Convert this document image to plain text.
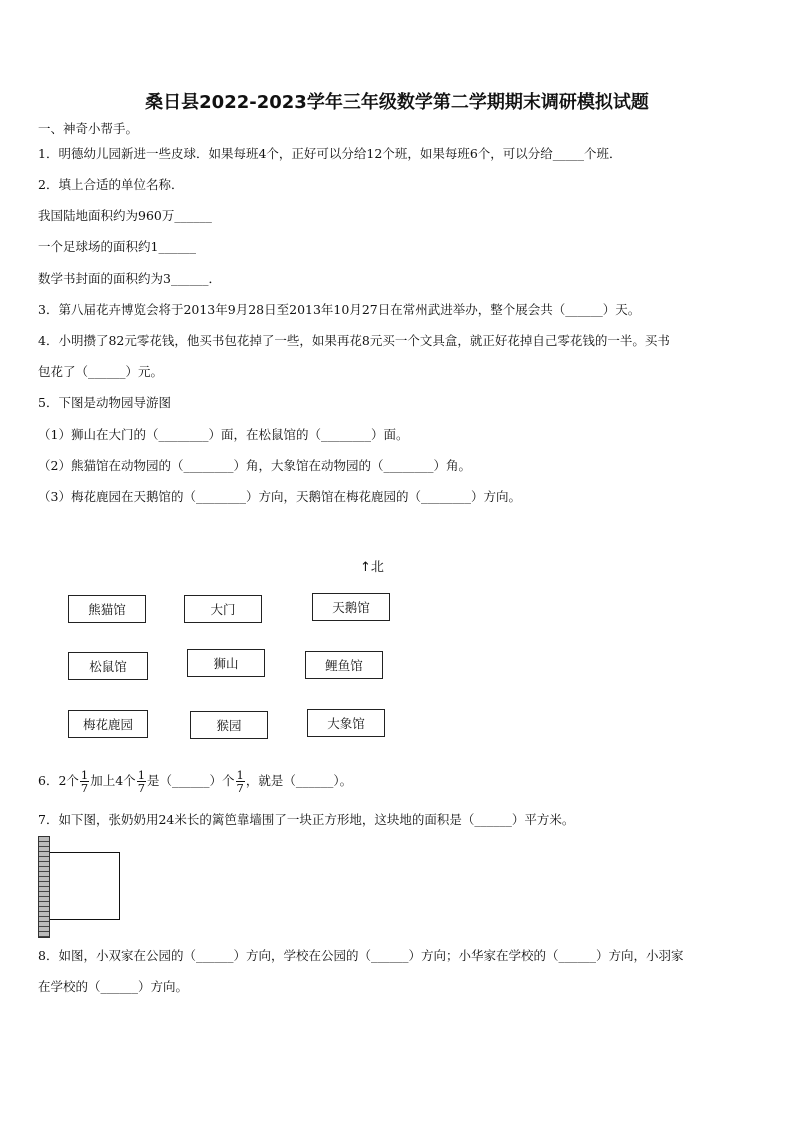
桑日县2022-2023学年三年级数学第二学期期末调研模拟试题
一、神奇小帮手。
1．明德幼儿园新进一些皮球．如果每班4个，正好可以分给12个班，如果每班6个，可以分给_____个班．
2．填上合适的单位名称．
我国陆地面积约为960万______
一个足球场的面积约1______
数学书封面的面积约为3______．
3．第八届花卉博览会将于2013年9月28日至2013年10月27日在常州武进举办，整个展会共（______）天。
4．小明攒了82元零花钱，他买书包花掉了一些，如果再花8元买一个文具盒，就正好花掉自己零花钱的一半。买书
包花了（______）元。
5．下图是动物园导游图
（1）狮山在大门的（________）面，在松鼠馆的（________）面。
（2）熊猫馆在动物园的（________）角，大象馆在动物园的（________）角。
（3）梅花鹿园在天鹅馆的（________）方向，天鹅馆在梅花鹿园的（________）方向。
↑北
熊猫馆	大门	天鹅馆
松鼠馆	狮山	鲤鱼馆
梅花鹿园	猴园	大象馆
6．2个 $\frac{1}{7}$ 加上4个 $\frac{1}{7}$ 是（______）个 $\frac{1}{7}$ ，就是（______）。
7．如下图，张奶奶用24米长的篱笆靠墙围了一块正方形地，这块地的面积是（______）平方米。
8．如图，小双家在公园的（______）方向，学校在公园的（______）方向；小华家在学校的（______）方向，小羽家
在学校的（______）方向。
